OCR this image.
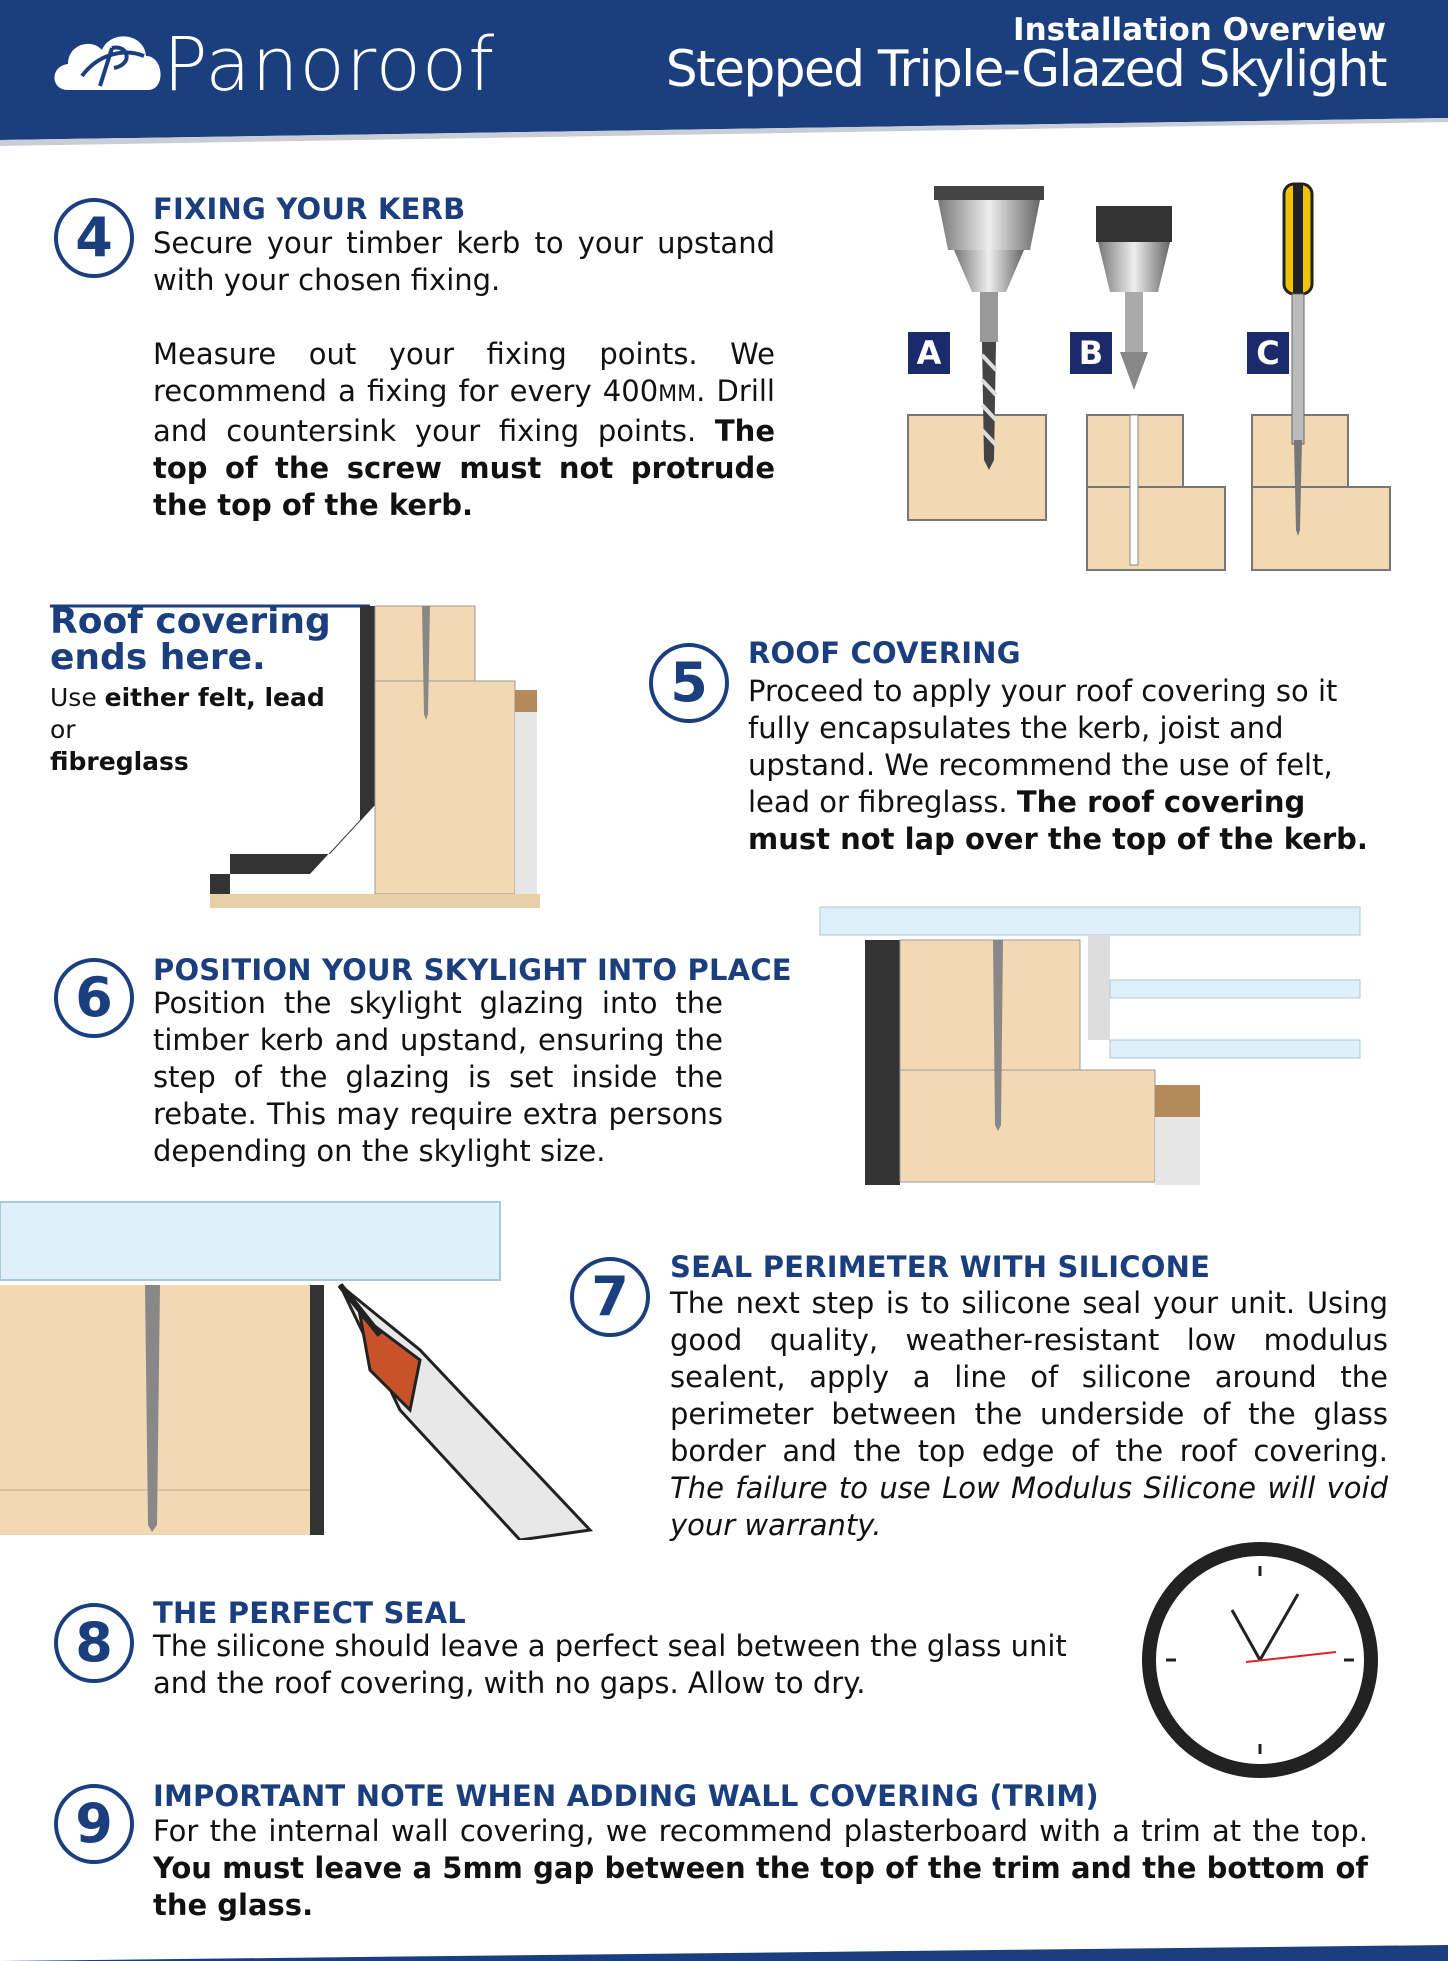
Panoroof	Installation Overview
Stepped Triple-Glazed Skylight
4	FIXING YOUR KERB

Secure your timber kerb to your upstand with your chosen fixing.

Measure out your fixing points. We recommend a fixing for every 400MM. Drill and countersink your fixing points. The top of the screw must not protrude the top of the kerb.

A	B	C
Roof covering
ends here.
Use either felt, lead or
fibreglass
5	ROOF COVERING
Proceed to apply your roof covering so it fully encapsulates the kerb, joist and upstand. We recommend the use of felt, lead or fibreglass. The roof covering must not lap over the top of the kerb.
6	POSITION YOUR SKYLIGHT INTO PLACE
Position the skylight glazing into the timber kerb and upstand, ensuring the step of the glazing is set inside the rebate. This may require extra persons depending on the skylight size.
7	SEAL PERIMETER WITH SILICONE
The next step is to silicone seal your unit. Using good quality, weather-resistant low modulus sealent, apply a line of silicone around the perimeter between the underside of the glass border and the top edge of the roof covering. The failure to use Low Modulus Silicone will void your warranty.
8	THE PERFECT SEAL
The silicone should leave a perfect seal between the glass unit and the roof covering, with no gaps. Allow to dry.
9	IMPORTANT NOTE WHEN ADDING WALL COVERING (TRIM)
For the internal wall covering, we recommend plasterboard with a trim at the top. You must leave a 5mm gap between the top of the trim and the bottom of the glass.
